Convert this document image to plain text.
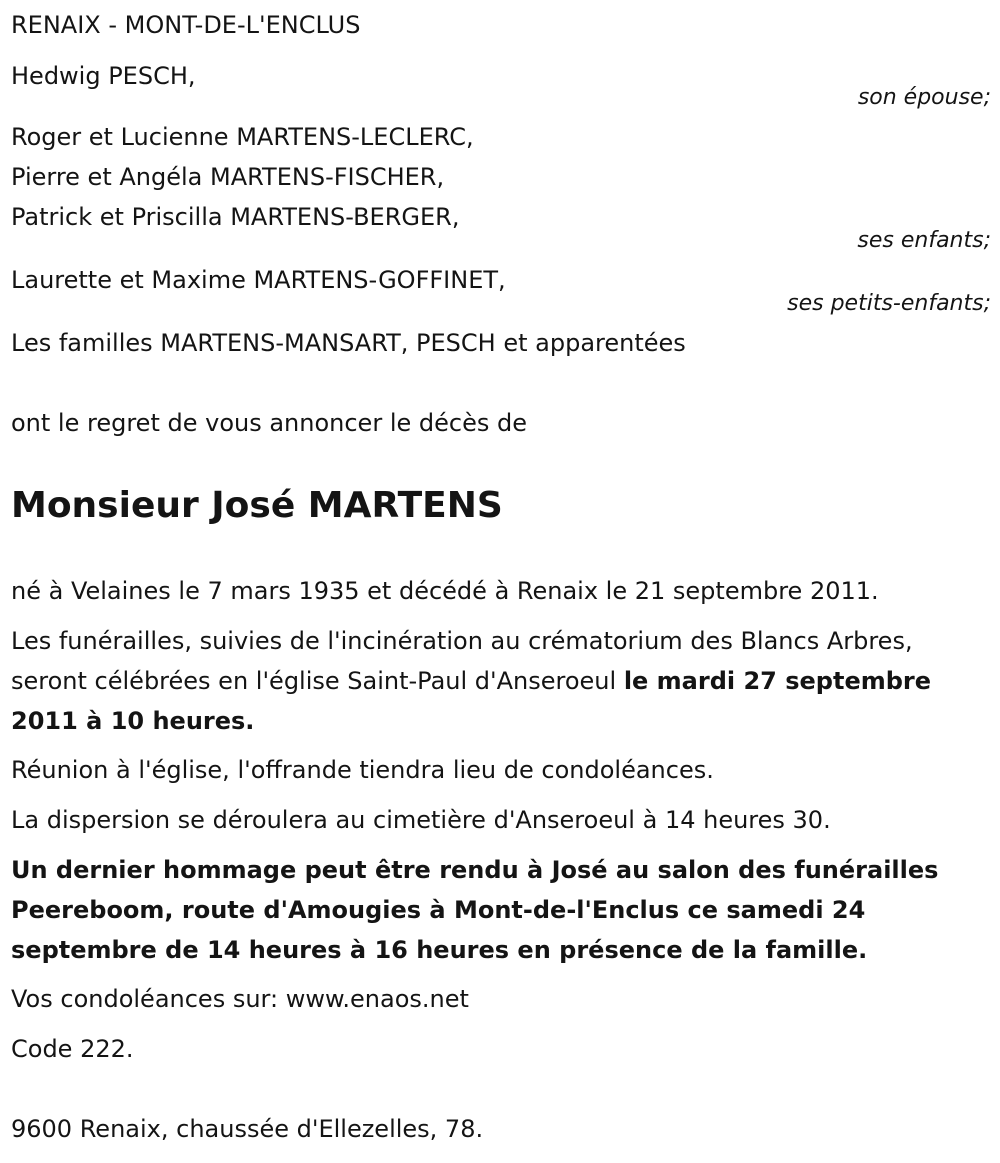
RENAIX - MONT-DE-L'ENCLUS

Hedwig PESCH,

son épouse;

Roger et Lucienne MARTENS-LECLERC,

Pierre et Angéla MARTENS-FISCHER,

Patrick et Priscilla MARTENS-BERGER,

ses enfants;

Laurette et Maxime MARTENS-GOFFINET,

ses petits-enfants;

Les familles MARTENS-MANSART, PESCH et apparentées

ont le regret de vous annoncer le décès de

Monsieur José MARTENS

né à Velaines le 7 mars 1935 et décédé à Renaix le 21 septembre 2011.

Les funérailles, suivies de l'incinération au crématorium des Blancs Arbres, seront célébrées en l'église Saint-Paul d'Anseroeul le mardi 27 septembre 2011 à 10 heures.

Réunion à l'église, l'offrande tiendra lieu de condoléances.

La dispersion se déroulera au cimetière d'Anseroeul à 14 heures 30.

Un dernier hommage peut être rendu à José au salon des funérailles Peereboom, route d'Amougies à Mont-de-l'Enclus ce samedi 24 septembre de 14 heures à 16 heures en présence de la famille.

Vos condoléances sur: www.enaos.net

Code 222.

9600 Renaix, chaussée d'Ellezelles, 78.
